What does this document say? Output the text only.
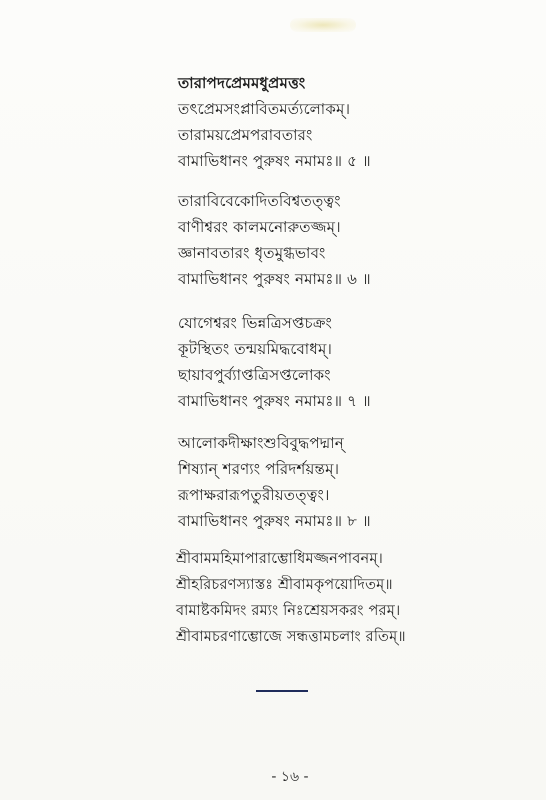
তারাপদপ্রেমমধুপ্রমত্তং
তৎপ্রেমসংপ্লাবিতমর্ত্যলোকম্।
তারাময়প্রেমপরাবতারং
বামাভিধানং পুরুষং নমামঃ॥ ৫ ॥
তারাবিবেকোদিতবিশ্বতত্ত্বং
বাণীশ্বরং কালমনোরুতজ্জম্।
জ্ঞানাবতারং ধৃতমুগ্ধভাবং
বামাভিধানং পুরুষং নমামঃ॥ ৬ ॥
যোগেশ্বরং ভিন্নত্রিসপ্তচক্রং
কূটস্থিতং তন্ময়মিদ্ধবোধম্।
ছায়াবপুর্ব্যাপ্তত্রিসপ্তলোকং
বামাভিধানং পুরুষং নমামঃ॥ ৭ ॥
আলোকদীক্ষাংশুবিবুদ্ধপদ্মান্
শিষ্যান্ শরণ্যং পরিদর্শয়ন্তম্।
রূপাক্ষরারূপতুরীয়তত্ত্বং।
বামাভিধানং পুরুষং নমামঃ॥ ৮ ॥
শ্রীবামমহিমাপারাম্ভোধিমজ্জনপাবনম্।
শ্রীহরিচরণস্যাস্তঃ শ্রীবামকৃপয়োদিতম্॥
বামাষ্টকমিদং রম্যং নিঃশ্রেয়সকরং পরম্।
শ্রীবামচরণাম্ভোজে সন্ধত্তামচলাং রতিম্॥
- ১৬ -
